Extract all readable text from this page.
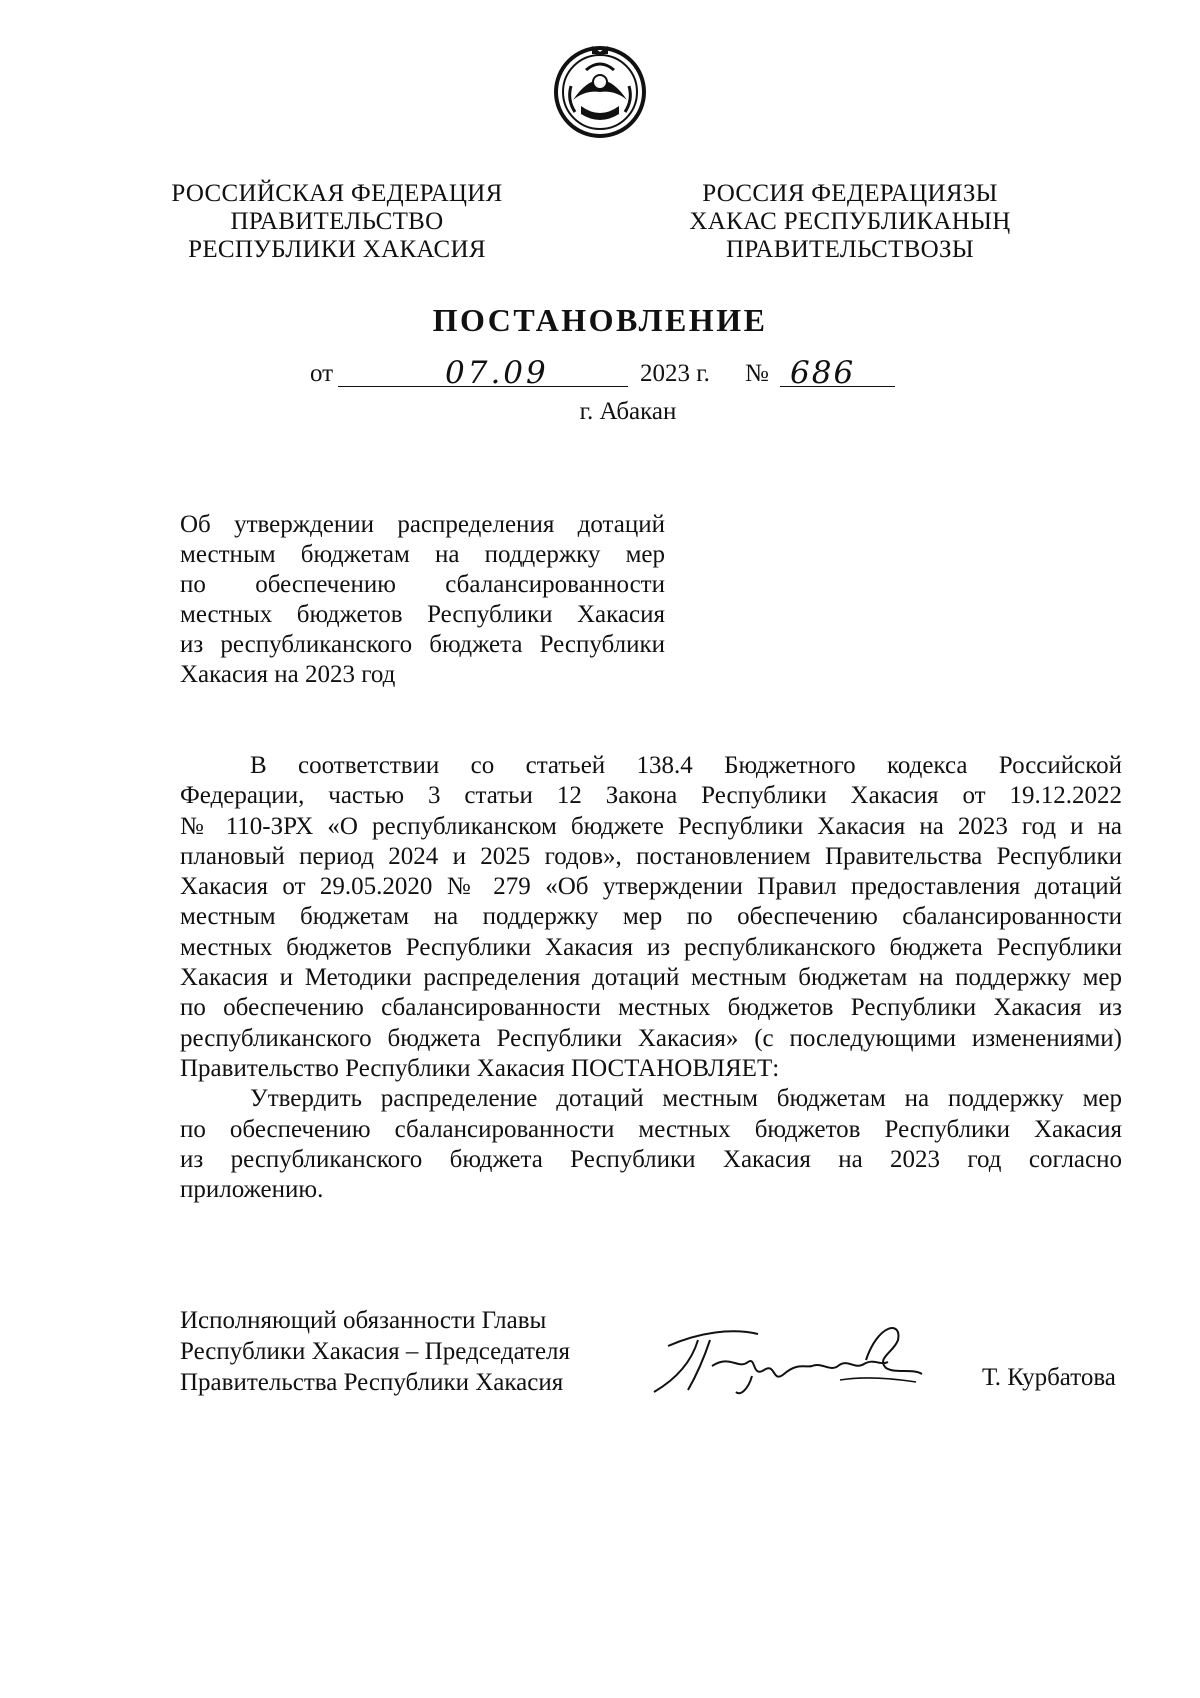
РОССИЙСКАЯ ФЕДЕРАЦИЯ
ПРАВИТЕЛЬСТВО
РЕСПУБЛИКИ ХАКАСИЯ
РОССИЯ ФЕДЕРАЦИЯЗЫ
ХАКАС РЕСПУБЛИКАНЫҢ
ПРАВИТЕЛЬСТВОЗЫ
ПОСТАНОВЛЕНИЕ
от	07.09	2023 г. № 686
г. Абакан
Об утверждении распределения дотаций
местным бюджетам на поддержку мер
по обеспечению сбалансированности
местных бюджетов Республики Хакасия
из республиканского бюджета Республики
Хакасия на 2023 год
В соответствии со статьей 138.4 Бюджетного кодекса Российской
Федерации, частью 3 статьи 12 Закона Республики Хакасия от 19.12.2022
№ 110-ЗРХ «О республиканском бюджете Республики Хакасия на 2023 год и на
плановый период 2024 и 2025 годов», постановлением Правительства Республики
Хакасия от 29.05.2020 № 279 «Об утверждении Правил предоставления дотаций
местным бюджетам на поддержку мер по обеспечению сбалансированности
местных бюджетов Республики Хакасия из республиканского бюджета Республики
Хакасия и Методики распределения дотаций местным бюджетам на поддержку мер
по обеспечению сбалансированности местных бюджетов Республики Хакасия из
республиканского бюджета Республики Хакасия» (с последующими изменениями)
Правительство Республики Хакасия ПОСТАНОВЛЯЕТ:
Утвердить распределение дотаций местным бюджетам на поддержку мер
по обеспечению сбалансированности местных бюджетов Республики Хакасия
из республиканского бюджета Республики Хакасия на 2023 год согласно
приложению.
Исполняющий обязанности Главы
Республики Хакасия – Председателя
Правительства Республики Хакасия	Т. Курбатова
